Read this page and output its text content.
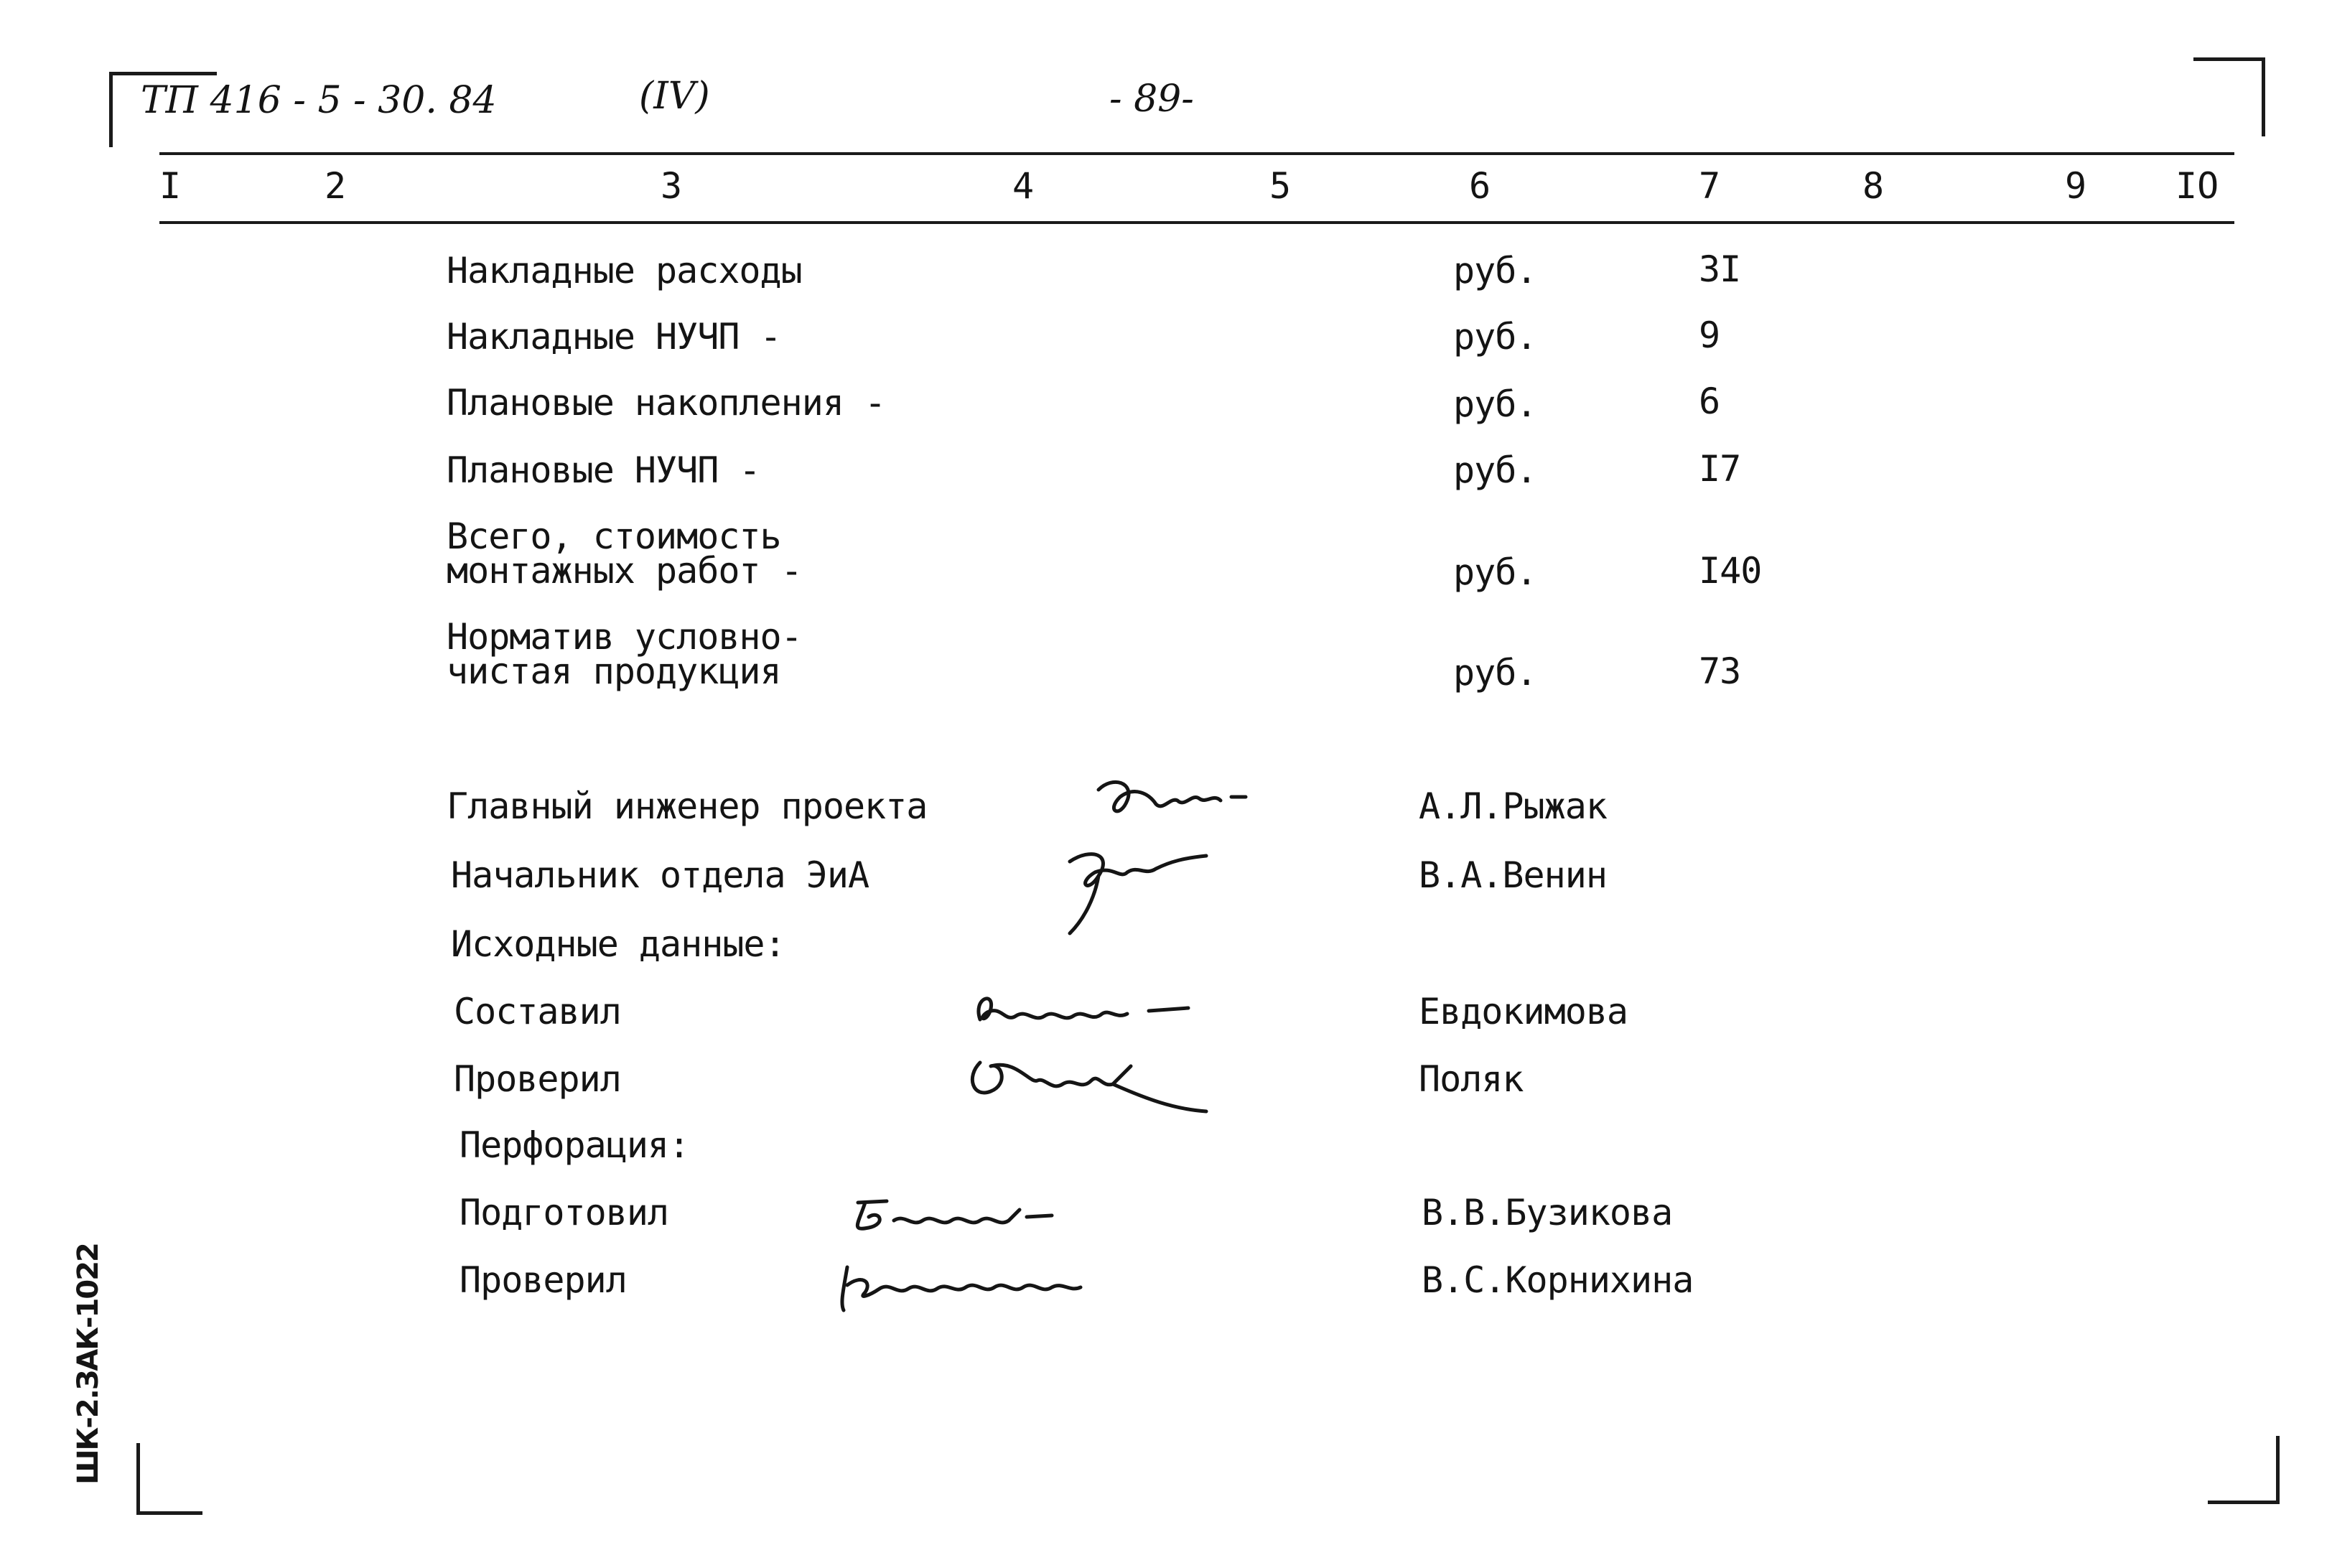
ТП 416 - 5 - 30. 84	(IV)	- 89-
I	2	3	4	5	6	7	8	9 IO
Накладные расходы	руб.	3I
Накладные НУЧП -	руб.	9
Плановые накопления -	руб.	6
Плановые НУЧП -	руб.	I7
Всего, стоимость
монтажных работ -	руб.	I40
Норматив условно-
чистая продукция	руб.	73
Главный инженер проекта	А.Л.Рыжак
Начальник отдела ЭиА	В.А.Венин
Исходные данные:
Составил	Евдокимова
Проверил	Поляк
Перфорация:
Подготовил	В.В.Бузикова
Проверил	В.С.Корнихина
ШК-2.ЗАК-1022
